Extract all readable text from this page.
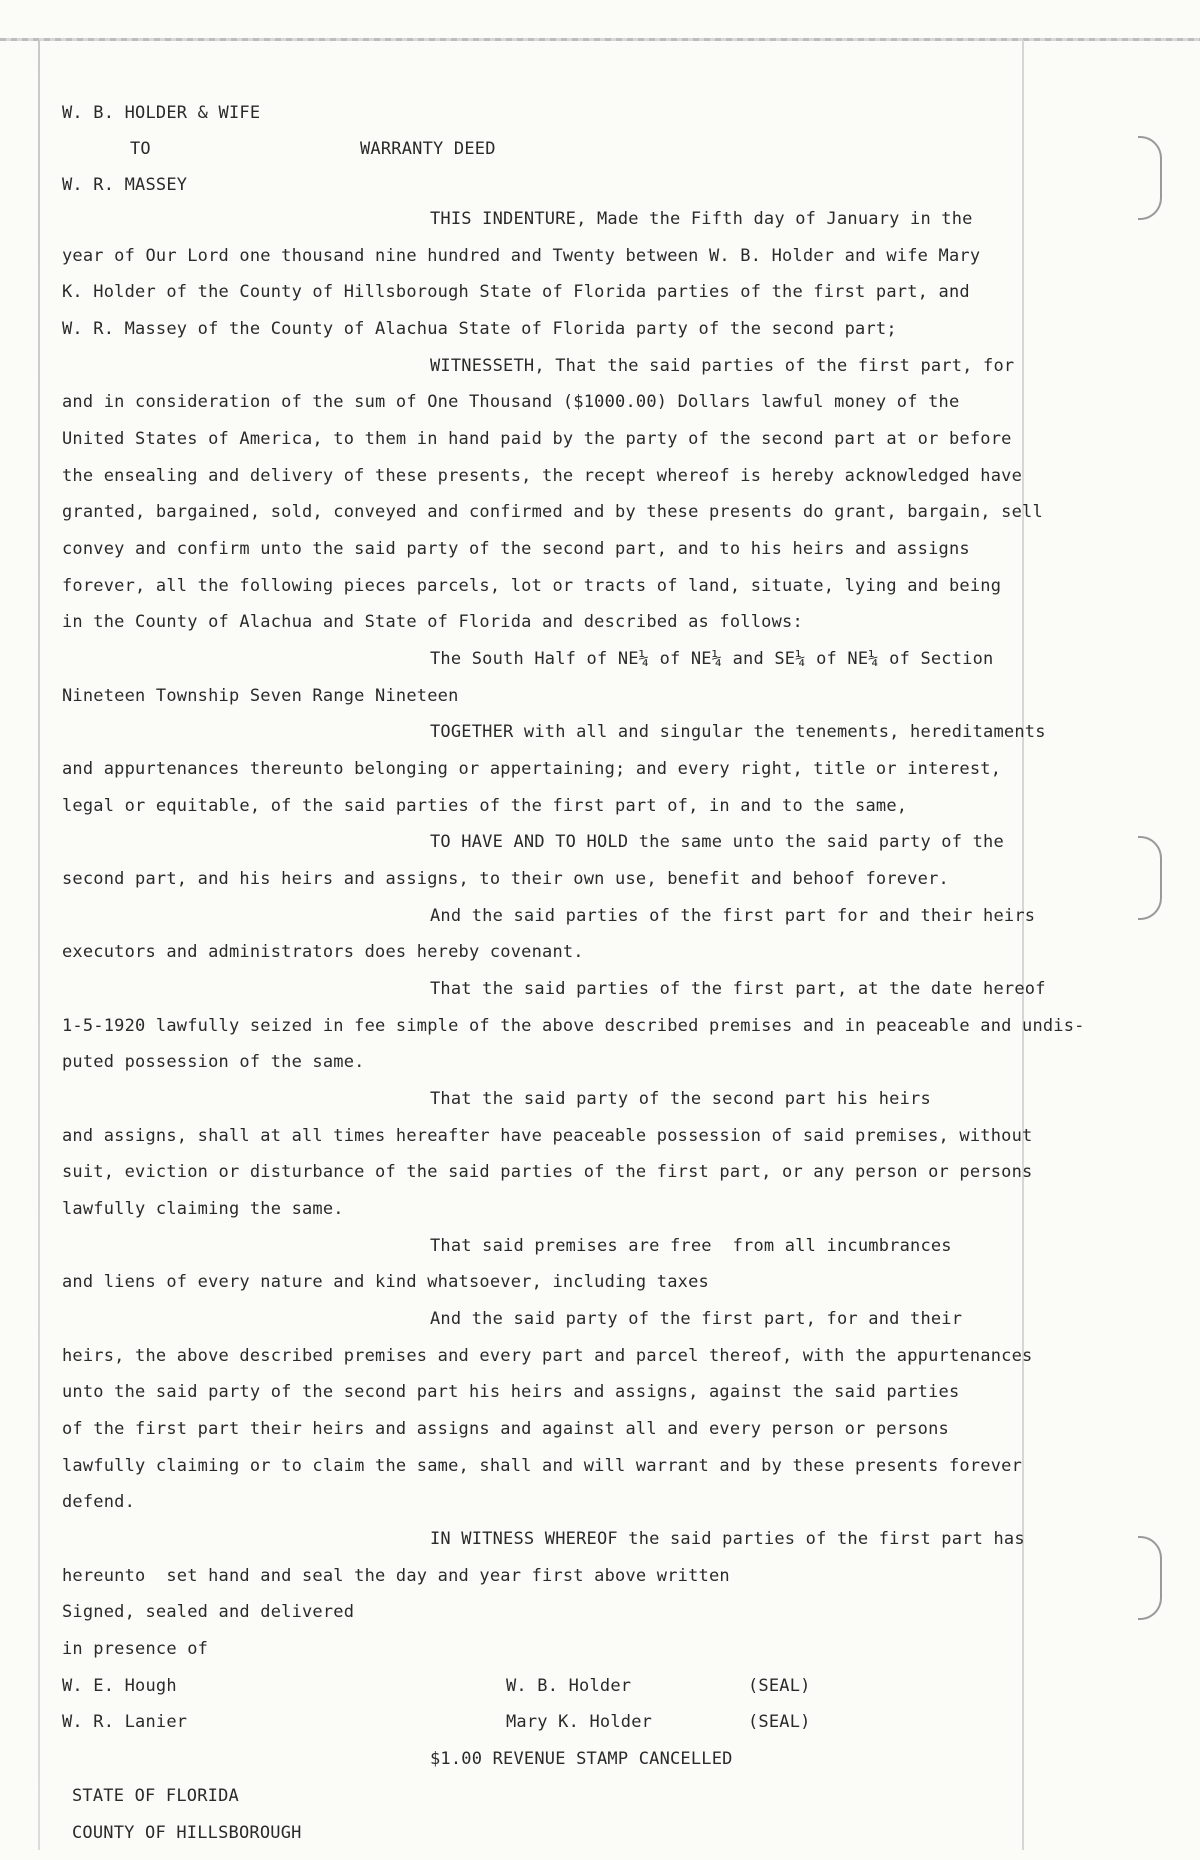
W. B. HOLDER & WIFE
TO	WARRANTY DEED
W. R. MASSEY
THIS INDENTURE, Made the Fifth day of January in the
year of Our Lord one thousand nine hundred and Twenty between W. B. Holder and wife Mary
K. Holder of the County of Hillsborough State of Florida parties of the first part, and
W. R. Massey of the County of Alachua State of Florida party of the second part;
WITNESSETH, That the said parties of the first part, for
and in consideration of the sum of One Thousand ($1000.00) Dollars lawful money of the
United States of America, to them in hand paid by the party of the second part at or before
the ensealing and delivery of these presents, the recept whereof is hereby acknowledged have
granted, bargained, sold, conveyed and confirmed and by these presents do grant, bargain, sell
convey and confirm unto the said party of the second part, and to his heirs and assigns
forever, all the following pieces parcels, lot or tracts of land, situate, lying and being
in the County of Alachua and State of Florida and described as follows:
The South Half of NE¼ of NE¼ and SE¼ of NE¼ of Section
Nineteen Township Seven Range Nineteen
TOGETHER with all and singular the tenements, hereditaments
and appurtenances thereunto belonging or appertaining; and every right, title or interest,
legal or equitable, of the said parties of the first part of, in and to the same,
TO HAVE AND TO HOLD the same unto the said party of the
second part, and his heirs and assigns, to their own use, benefit and behoof forever.
And the said parties of the first part for and their heirs
executors and administrators does hereby covenant.
That the said parties of the first part, at the date hereof
1-5-1920 lawfully seized in fee simple of the above described premises and in peaceable and undis-
puted possession of the same.
That the said party of the second part his heirs
and assigns, shall at all times hereafter have peaceable possession of said premises, without
suit, eviction or disturbance of the said parties of the first part, or any person or persons
lawfully claiming the same.
That said premises are free  from all incumbrances
and liens of every nature and kind whatsoever, including taxes
And the said party of the first part, for and their
heirs, the above described premises and every part and parcel thereof, with the appurtenances
unto the said party of the second part his heirs and assigns, against the said parties
of the first part their heirs and assigns and against all and every person or persons
lawfully claiming or to claim the same, shall and will warrant and by these presents forever
defend.
IN WITNESS WHEREOF the said parties of the first part has
hereunto  set hand and seal the day and year first above written
Signed, sealed and delivered
in presence of
W. E. Hough	W. B. Holder	(SEAL)
W. R. Lanier	Mary K. Holder	(SEAL)
$1.00 REVENUE STAMP CANCELLED
STATE OF FLORIDA
COUNTY OF HILLSBOROUGH
